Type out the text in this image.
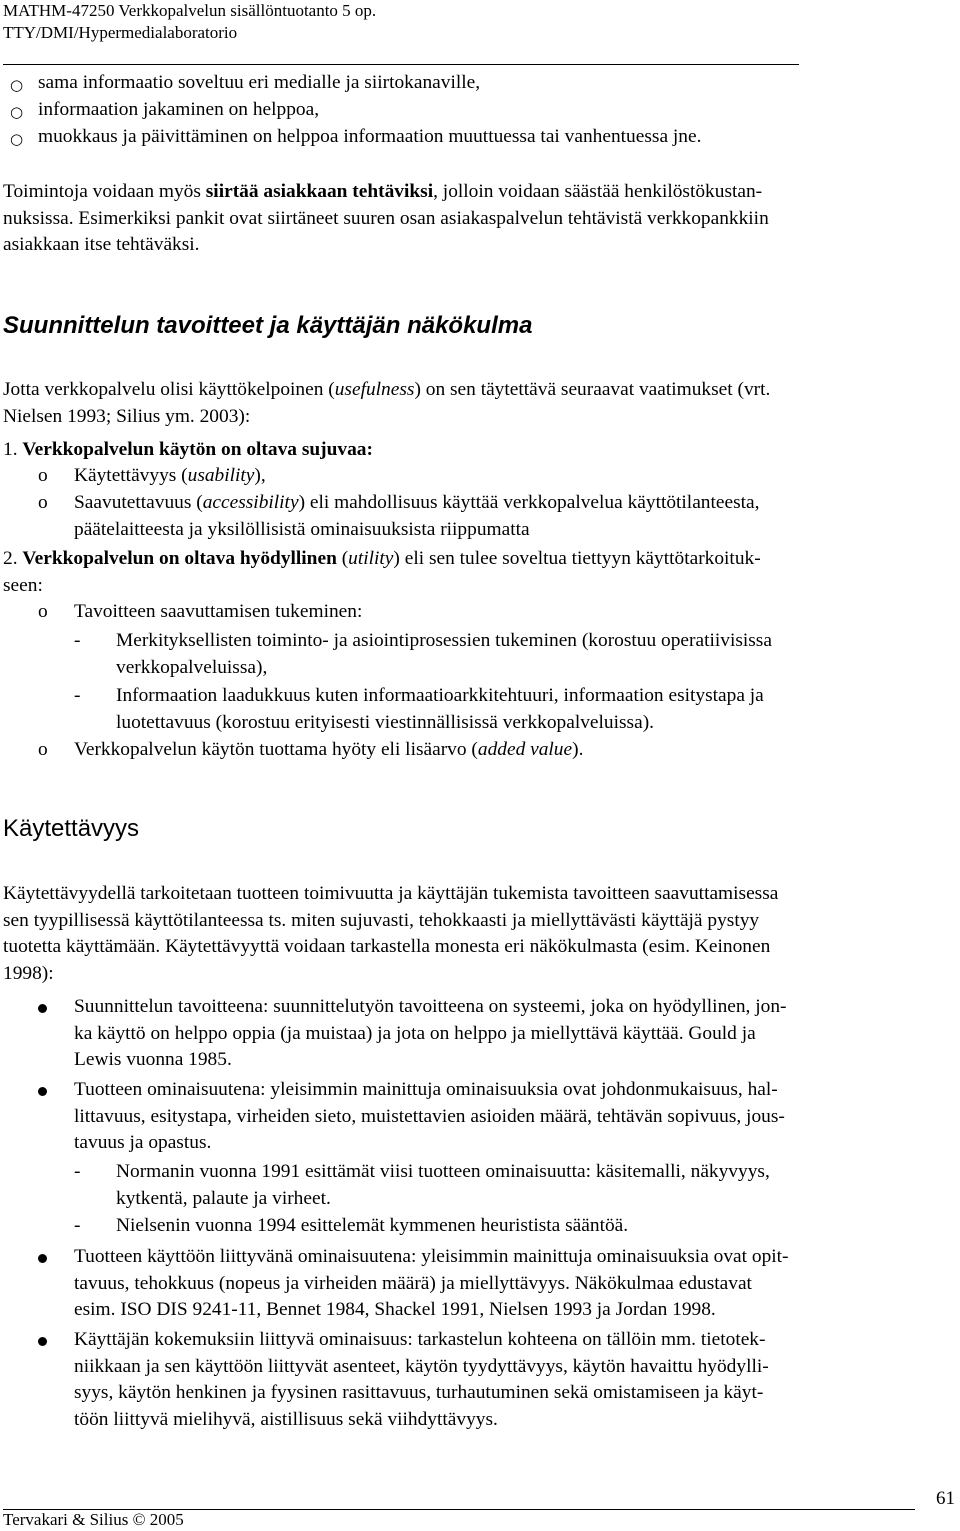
MATHM-47250 Verkkopalvelun sisällöntuotanto 5 op.
TTY/DMI/Hypermedialaboratorio
○ sama informaatio soveltuu eri medialle ja siirtokanaville,
○ informaation jakaminen on helppoa,
○ muokkaus ja päivittäminen on helppoa informaation muuttuessa tai vanhentuessa jne.
Toimintoja voidaan myös siirtää asiakkaan tehtäviksi, jolloin voidaan säästää henkilöstökustan-
nuksissa. Esimerkiksi pankit ovat siirtäneet suuren osan asiakaspalvelun tehtävistä verkkopankkiin
asiakkaan itse tehtäväksi.
Suunnittelun tavoitteet ja käyttäjän näkökulma
Jotta verkkopalvelu olisi käyttökelpoinen (usefulness) on sen täytettävä seuraavat vaatimukset (vrt.
Nielsen 1993; Silius ym. 2003):
1. Verkkopalvelun käytön on oltava sujuvaa:
o Käytettävyys (usability),
o Saavutettavuus (accessibility) eli mahdollisuus käyttää verkkopalvelua käyttötilanteesta,
päätelaitteesta ja yksilöllisistä ominaisuuksista riippumatta
2. Verkkopalvelun on oltava hyödyllinen (utility) eli sen tulee soveltua tiettyyn käyttötarkoituk-
seen:
o Tavoitteen saavuttamisen tukeminen:
- Merkityksellisten toiminto- ja asiointiprosessien tukeminen (korostuu operatiivisissa
verkkopalveluissa),
- Informaation laadukkuus kuten informaatioarkkitehtuuri, informaation esitystapa ja
luotettavuus (korostuu erityisesti viestinnällisissä verkkopalveluissa).
o Verkkopalvelun käytön tuottama hyöty eli lisäarvo (added value).
Käytettävyys
Käytettävyydellä tarkoitetaan tuotteen toimivuutta ja käyttäjän tukemista tavoitteen saavuttamisessa
sen tyypillisessä käyttötilanteessa ts. miten sujuvasti, tehokkaasti ja miellyttävästi käyttäjä pystyy
tuotetta käyttämään. Käytettävyyttä voidaan tarkastella monesta eri näkökulmasta (esim. Keinonen
1998):
Suunnittelun tavoitteena: suunnittelutyön tavoitteena on systeemi, joka on hyödyllinen, jon-
ka käyttö on helppo oppia (ja muistaa) ja jota on helppo ja miellyttävä käyttää. Gould ja
Lewis vuonna 1985.
Tuotteen ominaisuutena: yleisimmin mainittuja ominaisuuksia ovat johdonmukaisuus, hal-
littavuus, esitystapa, virheiden sieto, muistettavien asioiden määrä, tehtävän sopivuus, jous-
tavuus ja opastus.
- Normanin vuonna 1991 esittämät viisi tuotteen ominaisuutta: käsitemalli, näkyvyys,
kytkentä, palaute ja virheet.
- Nielsenin vuonna 1994 esittelemät kymmenen heuristista sääntöä.
Tuotteen käyttöön liittyvänä ominaisuutena: yleisimmin mainittuja ominaisuuksia ovat opit-
tavuus, tehokkuus (nopeus ja virheiden määrä) ja miellyttävyys. Näkökulmaa edustavat
esim. ISO DIS 9241-11, Bennet 1984, Shackel 1991, Nielsen 1993 ja Jordan 1998.
Käyttäjän kokemuksiin liittyvä ominaisuus: tarkastelun kohteena on tällöin mm. tietotek-
niikkaan ja sen käyttöön liittyvät asenteet, käytön tyydyttävyys, käytön havaittu hyödylli-
syys, käytön henkinen ja fyysinen rasittavuus, turhautuminen sekä omistamiseen ja käyt-
töön liittyvä mielihyvä, aistillisuus sekä viihdyttävyys.
61
Tervakari & Silius © 2005
